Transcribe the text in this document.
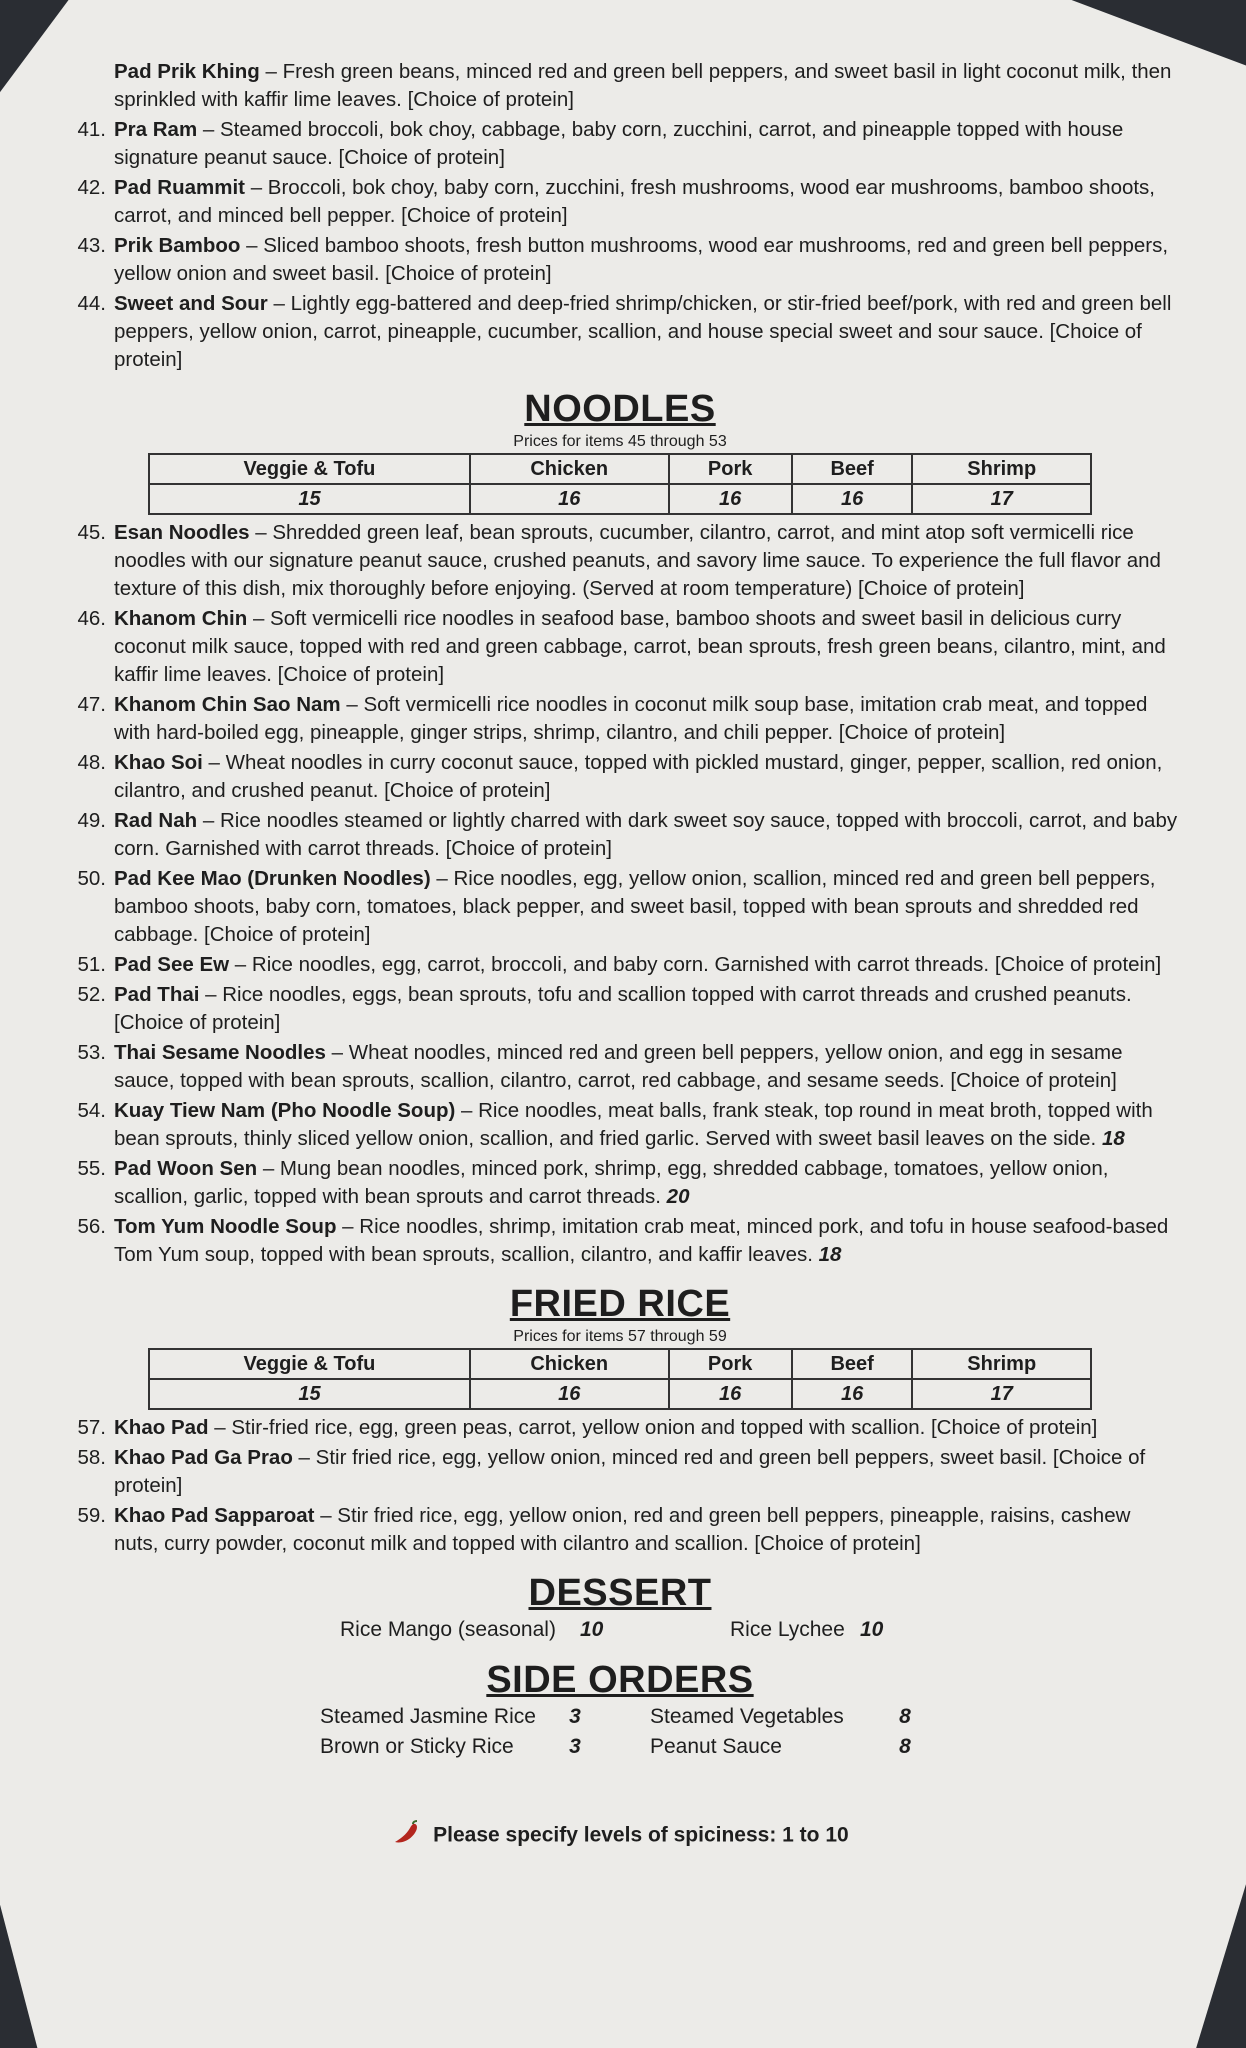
Pad Prik Khing – Fresh green beans, minced red and green bell peppers, and sweet basil in light coconut milk, then sprinkled with kaffir lime leaves. [Choice of protein]
41. Pra Ram – Steamed broccoli, bok choy, cabbage, baby corn, zucchini, carrot, and pineapple topped with house signature peanut sauce. [Choice of protein]
42. Pad Ruammit – Broccoli, bok choy, baby corn, zucchini, fresh mushrooms, wood ear mushrooms, bamboo shoots, carrot, and minced bell pepper. [Choice of protein]
43. Prik Bamboo – Sliced bamboo shoots, fresh button mushrooms, wood ear mushrooms, red and green bell peppers, yellow onion and sweet basil. [Choice of protein]
44. Sweet and Sour – Lightly egg-battered and deep-fried shrimp/chicken, or stir-fried beef/pork, with red and green bell peppers, yellow onion, carrot, pineapple, cucumber, scallion, and house special sweet and sour sauce. [Choice of protein]
NOODLES
Prices for items 45 through 53
Veggie & Tofu	Chicken	Pork	Beef	Shrimp
15	16	16	16	17
45. Esan Noodles – Shredded green leaf, bean sprouts, cucumber, cilantro, carrot, and mint atop soft vermicelli rice noodles with our signature peanut sauce, crushed peanuts, and savory lime sauce. To experience the full flavor and texture of this dish, mix thoroughly before enjoying. (Served at room temperature) [Choice of protein]
46. Khanom Chin – Soft vermicelli rice noodles in seafood base, bamboo shoots and sweet basil in delicious curry coconut milk sauce, topped with red and green cabbage, carrot, bean sprouts, fresh green beans, cilantro, mint, and kaffir lime leaves. [Choice of protein]
47. Khanom Chin Sao Nam – Soft vermicelli rice noodles in coconut milk soup base, imitation crab meat, and topped with hard-boiled egg, pineapple, ginger strips, shrimp, cilantro, and chili pepper. [Choice of protein]
48. Khao Soi – Wheat noodles in curry coconut sauce, topped with pickled mustard, ginger, pepper, scallion, red onion, cilantro, and crushed peanut. [Choice of protein]
49. Rad Nah – Rice noodles steamed or lightly charred with dark sweet soy sauce, topped with broccoli, carrot, and baby corn. Garnished with carrot threads. [Choice of protein]
50. Pad Kee Mao (Drunken Noodles) – Rice noodles, egg, yellow onion, scallion, minced red and green bell peppers, bamboo shoots, baby corn, tomatoes, black pepper, and sweet basil, topped with bean sprouts and shredded red cabbage. [Choice of protein]
51. Pad See Ew – Rice noodles, egg, carrot, broccoli, and baby corn. Garnished with carrot threads. [Choice of protein]
52. Pad Thai – Rice noodles, eggs, bean sprouts, tofu and scallion topped with carrot threads and crushed peanuts. [Choice of protein]
53. Thai Sesame Noodles – Wheat noodles, minced red and green bell peppers, yellow onion, and egg in sesame sauce, topped with bean sprouts, scallion, cilantro, carrot, red cabbage, and sesame seeds. [Choice of protein]
54. Kuay Tiew Nam (Pho Noodle Soup) – Rice noodles, meat balls, frank steak, top round in meat broth, topped with bean sprouts, thinly sliced yellow onion, scallion, and fried garlic. Served with sweet basil leaves on the side. 18
55. Pad Woon Sen – Mung bean noodles, minced pork, shrimp, egg, shredded cabbage, tomatoes, yellow onion, scallion, garlic, topped with bean sprouts and carrot threads. 20
56. Tom Yum Noodle Soup – Rice noodles, shrimp, imitation crab meat, minced pork, and tofu in house seafood-based Tom Yum soup, topped with bean sprouts, scallion, cilantro, and kaffir leaves. 18
FRIED RICE
Prices for items 57 through 59
Veggie & Tofu	Chicken	Pork	Beef	Shrimp
15	16	16	16	17
57. Khao Pad – Stir-fried rice, egg, green peas, carrot, yellow onion and topped with scallion. [Choice of protein]
58. Khao Pad Ga Prao – Stir fried rice, egg, yellow onion, minced red and green bell peppers, sweet basil. [Choice of protein]
59. Khao Pad Sapparoat – Stir fried rice, egg, yellow onion, red and green bell peppers, pineapple, raisins, cashew nuts, curry powder, coconut milk and topped with cilantro and scallion. [Choice of protein]
DESSERT
Rice Mango (seasonal)	10	Rice Lychee 10
SIDE ORDERS
Steamed Jasmine Rice	3	Steamed Vegetables	8
Brown or Sticky Rice	3	Peanut Sauce	8
Please specify levels of spiciness: 1 to 10
